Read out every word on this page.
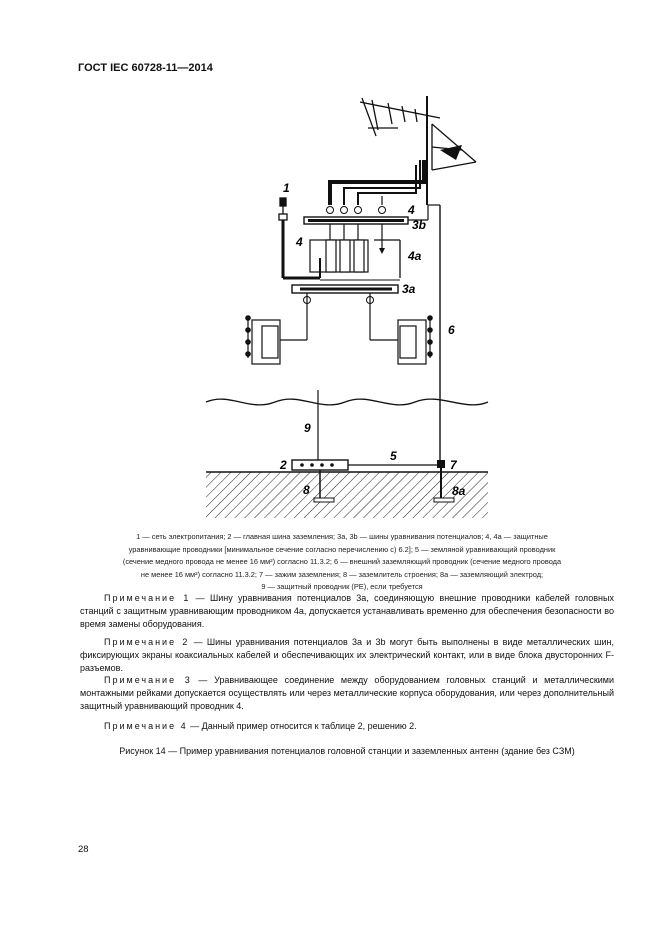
ГОСТ IEC 60728-11—2014
1
4
3b
4
4a
3a
6
9
2
5
7
8	8a
1 — сеть электропитания; 2 — главная шина заземления; 3a, 3b — шины уравнивания потенциалов; 4, 4a — защитные
уравнивающие проводники [минимальное сечение согласно перечислению с) 6.2]; 5 — земляной уравнивающий проводник
(сечение медного провода не менее 16 мм²) согласно 11.3.2; 6 — внешний заземляющий проводник (сечение медного провода
не менее 16 мм²) согласно 11.3.2; 7 — зажим заземления; 8 — заземлитель строения; 8a — заземляющий электрод;
9 — защитный проводник (PE), если требуется
Примечание 1 — Шину уравнивания потенциалов 3a, соединяющую внешние проводники кабелей головных станций с защитным уравнивающим проводником 4a, допускается устанавливать временно для обеспечения безопасности во время замены оборудования.
Примечание 2 — Шины уравнивания потенциалов 3a и 3b могут быть выполнены в виде металлических шин, фиксирующих экраны коаксиальных кабелей и обеспечивающих их электрический контакт, или в виде блока двусторонних F-разъемов.
Примечание 3 — Уравнивающее соединение между оборудованием головных станций и металлическими монтажными рейками допускается осуществлять или через металлические корпуса оборудования, или через дополнительный защитный уравнивающий проводник 4.
Примечание 4 — Данный пример относится к таблице 2, решению 2.
Рисунок 14 — Пример уравнивания потенциалов головной станции и заземленных антенн (здание без СЗМ)
28
